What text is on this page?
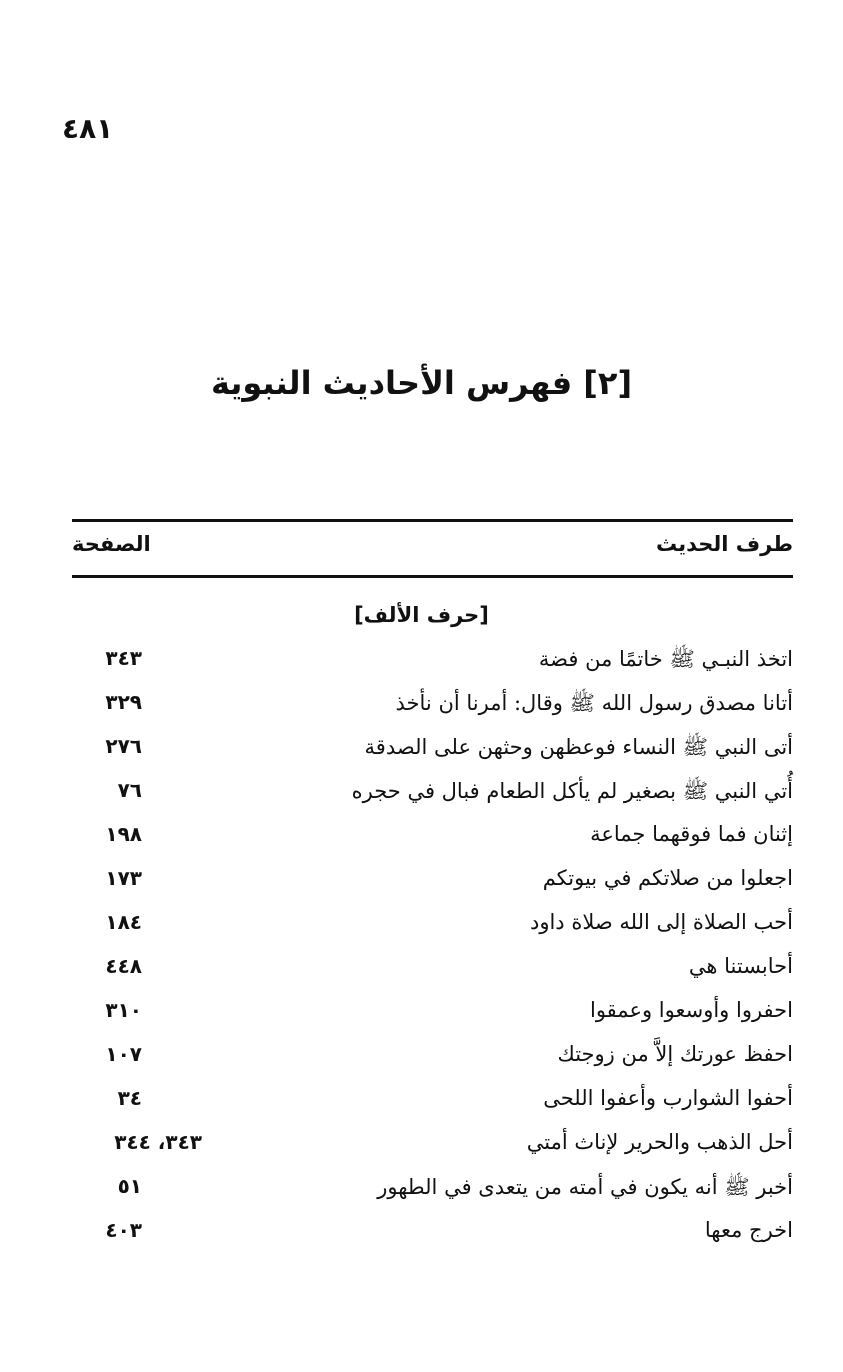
٤٨١
[٢] فهرس الأحاديث النبوية
طرف الحديث
الصفحة
[حرف الألف]
اتخذ النبـي ﷺ خاتمًا من فضة
٣٤٣
أتانا مصدق رسول الله ﷺ وقال: أمرنا أن نأخذ
٣٢٩
أتى النبي ﷺ النساء فوعظهن وحثهن على الصدقة
٢٧٦
أُتي النبي ﷺ بصغير لم يأكل الطعام فبال في حجره
٧٦
إثنان فما فوقهما جماعة
١٩٨
اجعلوا من صلاتكم في بيوتكم
١٧٣
أحب الصلاة إلى الله صلاة داود
١٨٤
أحابستنا هي
٤٤٨
احفروا وأوسعوا وعمقوا
٣١٠
احفظ عورتك إلاَّ من زوجتك
١٠٧
أحفوا الشوارب وأعفوا اللحى
٣٤
أحل الذهب والحرير لإناث أمتي
٣٤٣، ٣٤٤
أخبر ﷺ أنه يكون في أمته من يتعدى في الطهور
٥١
اخرج معها
٤٠٣
